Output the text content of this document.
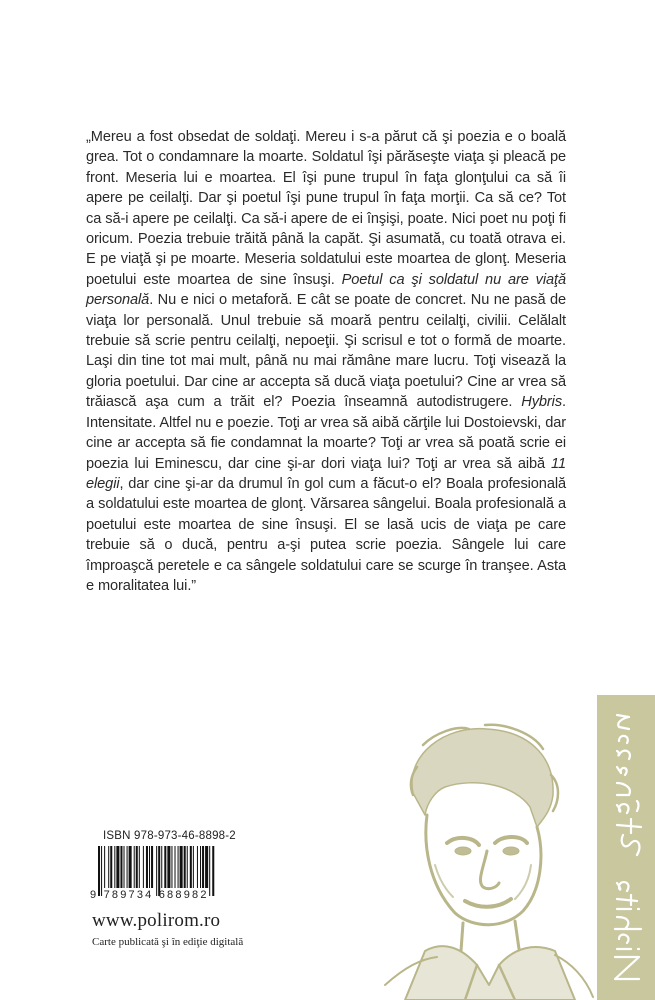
„Mereu a fost obsedat de soldaţi. Mereu i s-a părut că şi poezia e o boală grea. Tot o condamnare la moarte. Soldatul îşi părăseşte viaţa şi pleacă pe front. Meseria lui e moartea. El îşi pune trupul în faţa glonţului ca să îi apere pe ceilalţi. Dar şi poetul îşi pune trupul în faţa morţii. Ca să ce? Tot ca să-i apere pe ceilalţi. Ca să-i apere de ei înşişi, poate. Nici poet nu poţi fi oricum. Poezia trebuie trăită până la capăt. Şi asumată, cu toată otrava ei. E pe viaţă şi pe moarte. Meseria soldatului este moartea de glonţ. Meseria poetului este moartea de sine însuşi. Poetul ca şi soldatul nu are viaţă personală. Nu e nici o metaforă. E cât se poate de concret. Nu ne pasă de viaţa lor personală. Unul trebuie să moară pentru ceilalţi, civilii. Celălalt trebuie să scrie pentru ceilalţi, nepoeţii. Şi scrisul e tot o formă de moarte. Laşi din tine tot mai mult, până nu mai rămâne mare lucru. Toţi visează la gloria poetului. Dar cine ar accepta să ducă viaţa poetului? Cine ar vrea să trăiască aşa cum a trăit el? Poezia înseamnă autodistrugere. Hybris. Intensitate. Altfel nu e poezie. Toţi ar vrea să aibă cărţile lui Dostoievski, dar cine ar accepta să fie condamnat la moarte? Toţi ar vrea să poată scrie ei poezia lui Eminescu, dar cine şi-ar dori viaţa lui? Toţi ar vrea să aibă 11 elegii, dar cine şi-ar da drumul în gol cum a făcut-o el? Boala profesională a soldatului este moartea de glonţ. Vărsarea sângelui. Boala profesională a poetului este moartea de sine însuşi. El se lasă ucis de viaţa pe care trebuie să o ducă, pentru a-şi putea scrie poezia. Sângele lui care împroaşcă peretele e ca sângele soldatului care se scurge în tranşee. Asta e moralitatea lui.”

ISBN 978-973-46-8898-2

9 789734 688982

www.polirom.ro

Carte publicată şi în ediţie digitală
